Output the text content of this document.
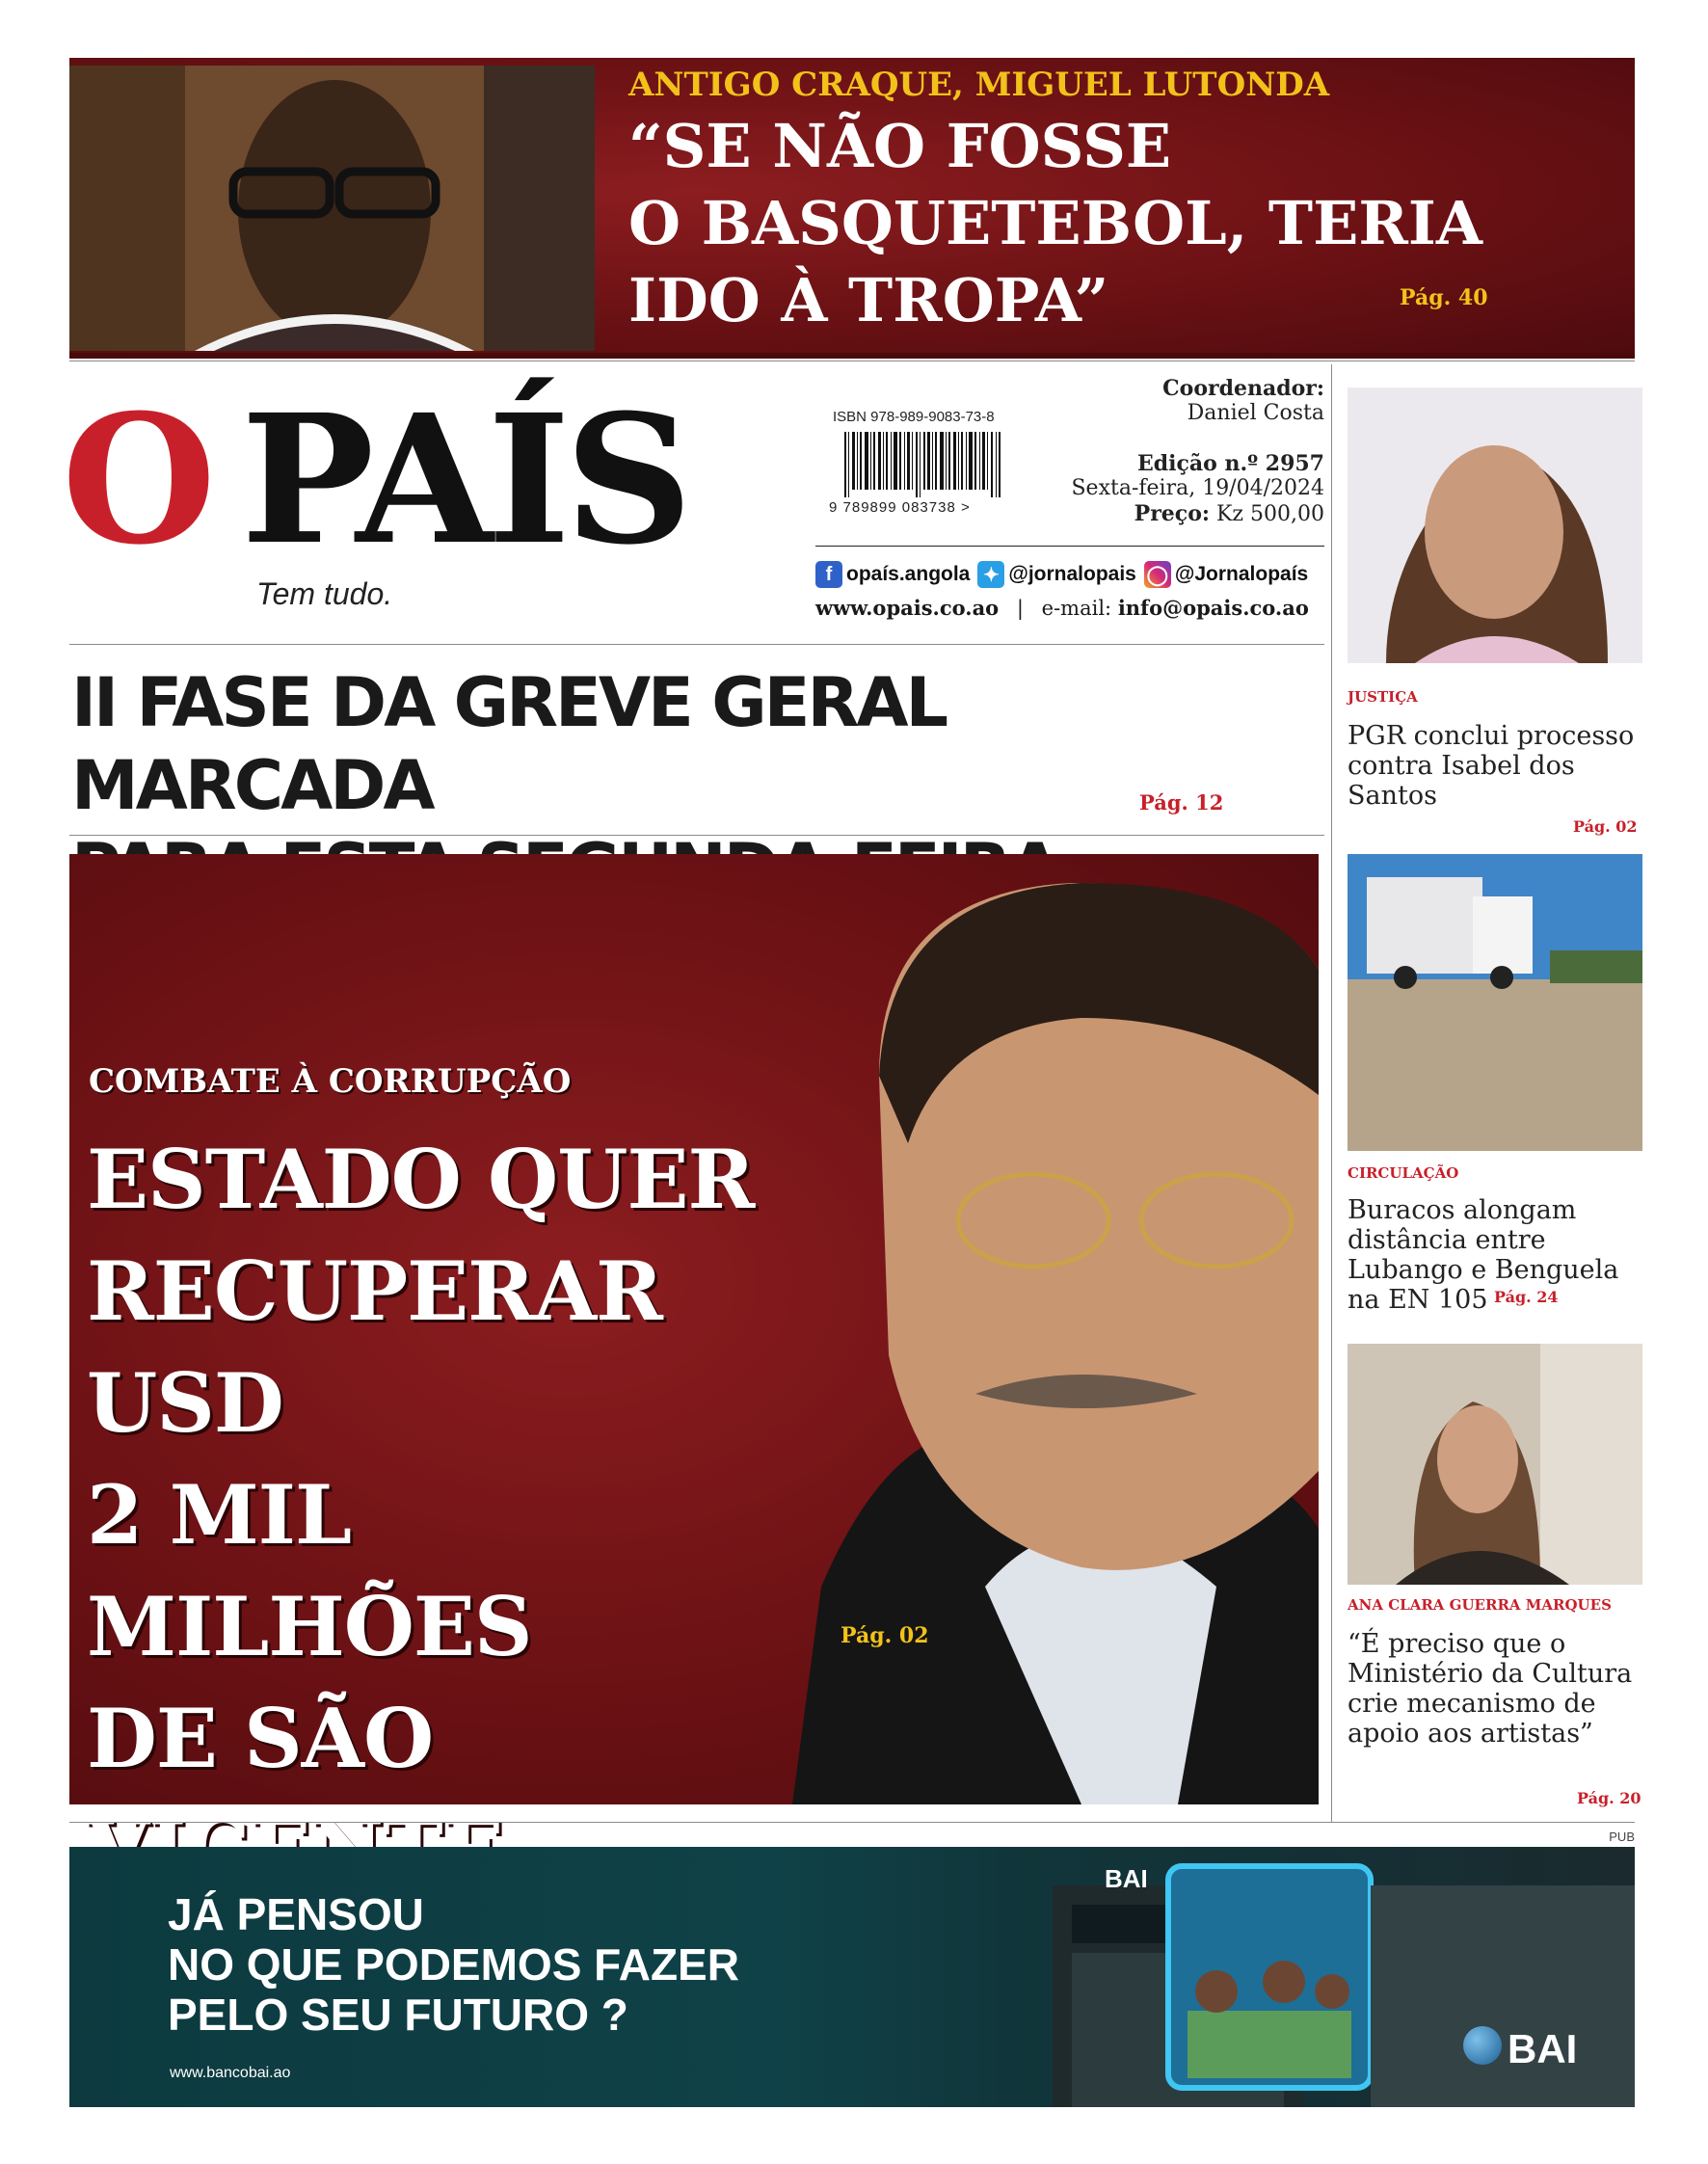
ANTIGO CRAQUE, MIGUEL LUTONDA
“SE NÃO FOSSE
O BASQUETEBOL, TERIA
IDO À TROPA”	Pág. 40
O PAÍS
Tem tudo.
ISBN 978-989-9083-73-8
9 789899 083738 >
Coordenador:
Daniel Costa
Edição n.º 2957
Sexta-feira, 19/04/2024
Preço: Kz 500,00
f opaís.angola ✦ @jornalopais ◯ @Jornalopaís
www.opais.co.ao | e-mail: info@opais.co.ao
II FASE DA GREVE GERAL MARCADA	Pág. 12
COMBATE À CORRUPÇÃO
ESTADO QUER
RECUPERAR USD
2 MIL MILHÕES
DE SÃO
Pág. 02
JUSTIÇA
PGR conclui processo contra Isabel dos Santos
Pág. 02
CIRCULAÇÃO
Buracos alongam distância entre Lubango e Benguela na EN 105 Pág. 24
ANA CLARA GUERRA MARQUES
“É preciso que o Ministério da Cultura crie mecanismo de apoio aos artistas”
Pág. 20
PUB
BAI
JÁ PENSOU
NO QUE PODEMOS FAZER
PELO SEU FUTURO ?
www.bancobai.ao
BAI
